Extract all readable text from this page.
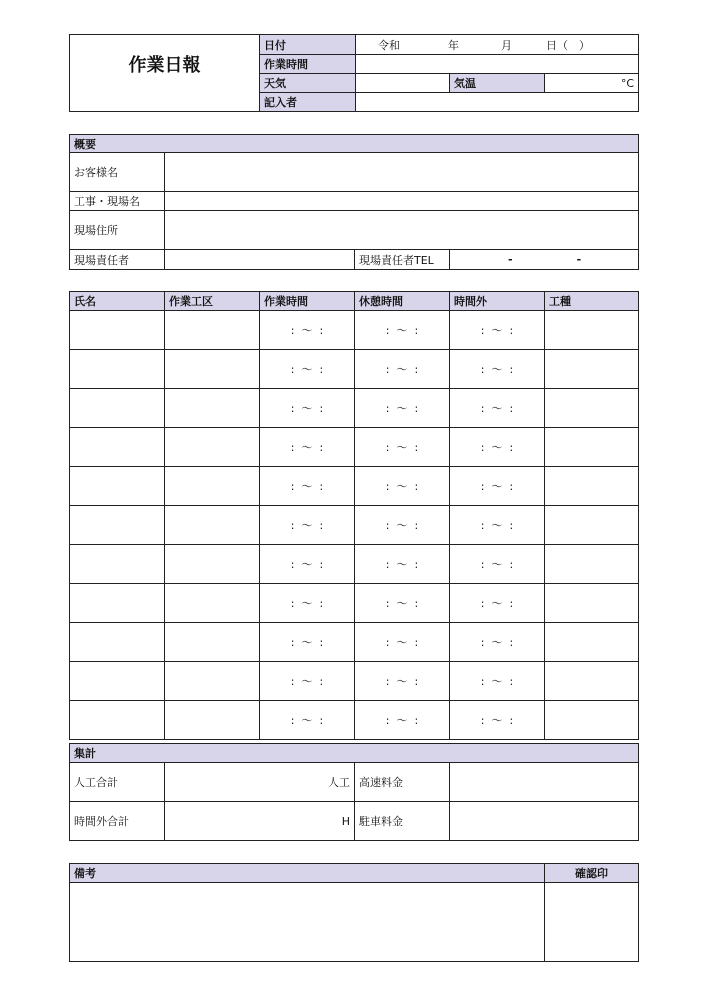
作業日報	日付	令和 年 月 日（　）		

	作業時間			
	天気		気温	°C
	記入者			
概要			
お客様名			
工事・現場名			
現場住所			
現場責任者		現場責任者TEL	- -
氏名	作業工区	作業時間	休憩時間	時間外	工種
		:  ～  :	:  ～  :	:  ～  :	
		:  ～  :	:  ～  :	:  ～  :	
		:  ～  :	:  ～  :	:  ～  :	
		:  ～  :	:  ～  :	:  ～  :	
		:  ～  :	:  ～  :	:  ～  :	
		:  ～  :	:  ～  :	:  ～  :	
		:  ～  :	:  ～  :	:  ～  :	
		:  ～  :	:  ～  :	:  ～  :	
		:  ～  :	:  ～  :	:  ～  :	
		:  ～  :	:  ～  :	:  ～  :	
		:  ～  :	:  ～  :	:  ～  :	
集計			
人工合計	人工	高速料金	
時間外合計	H	駐車料金	
備考	確認印
